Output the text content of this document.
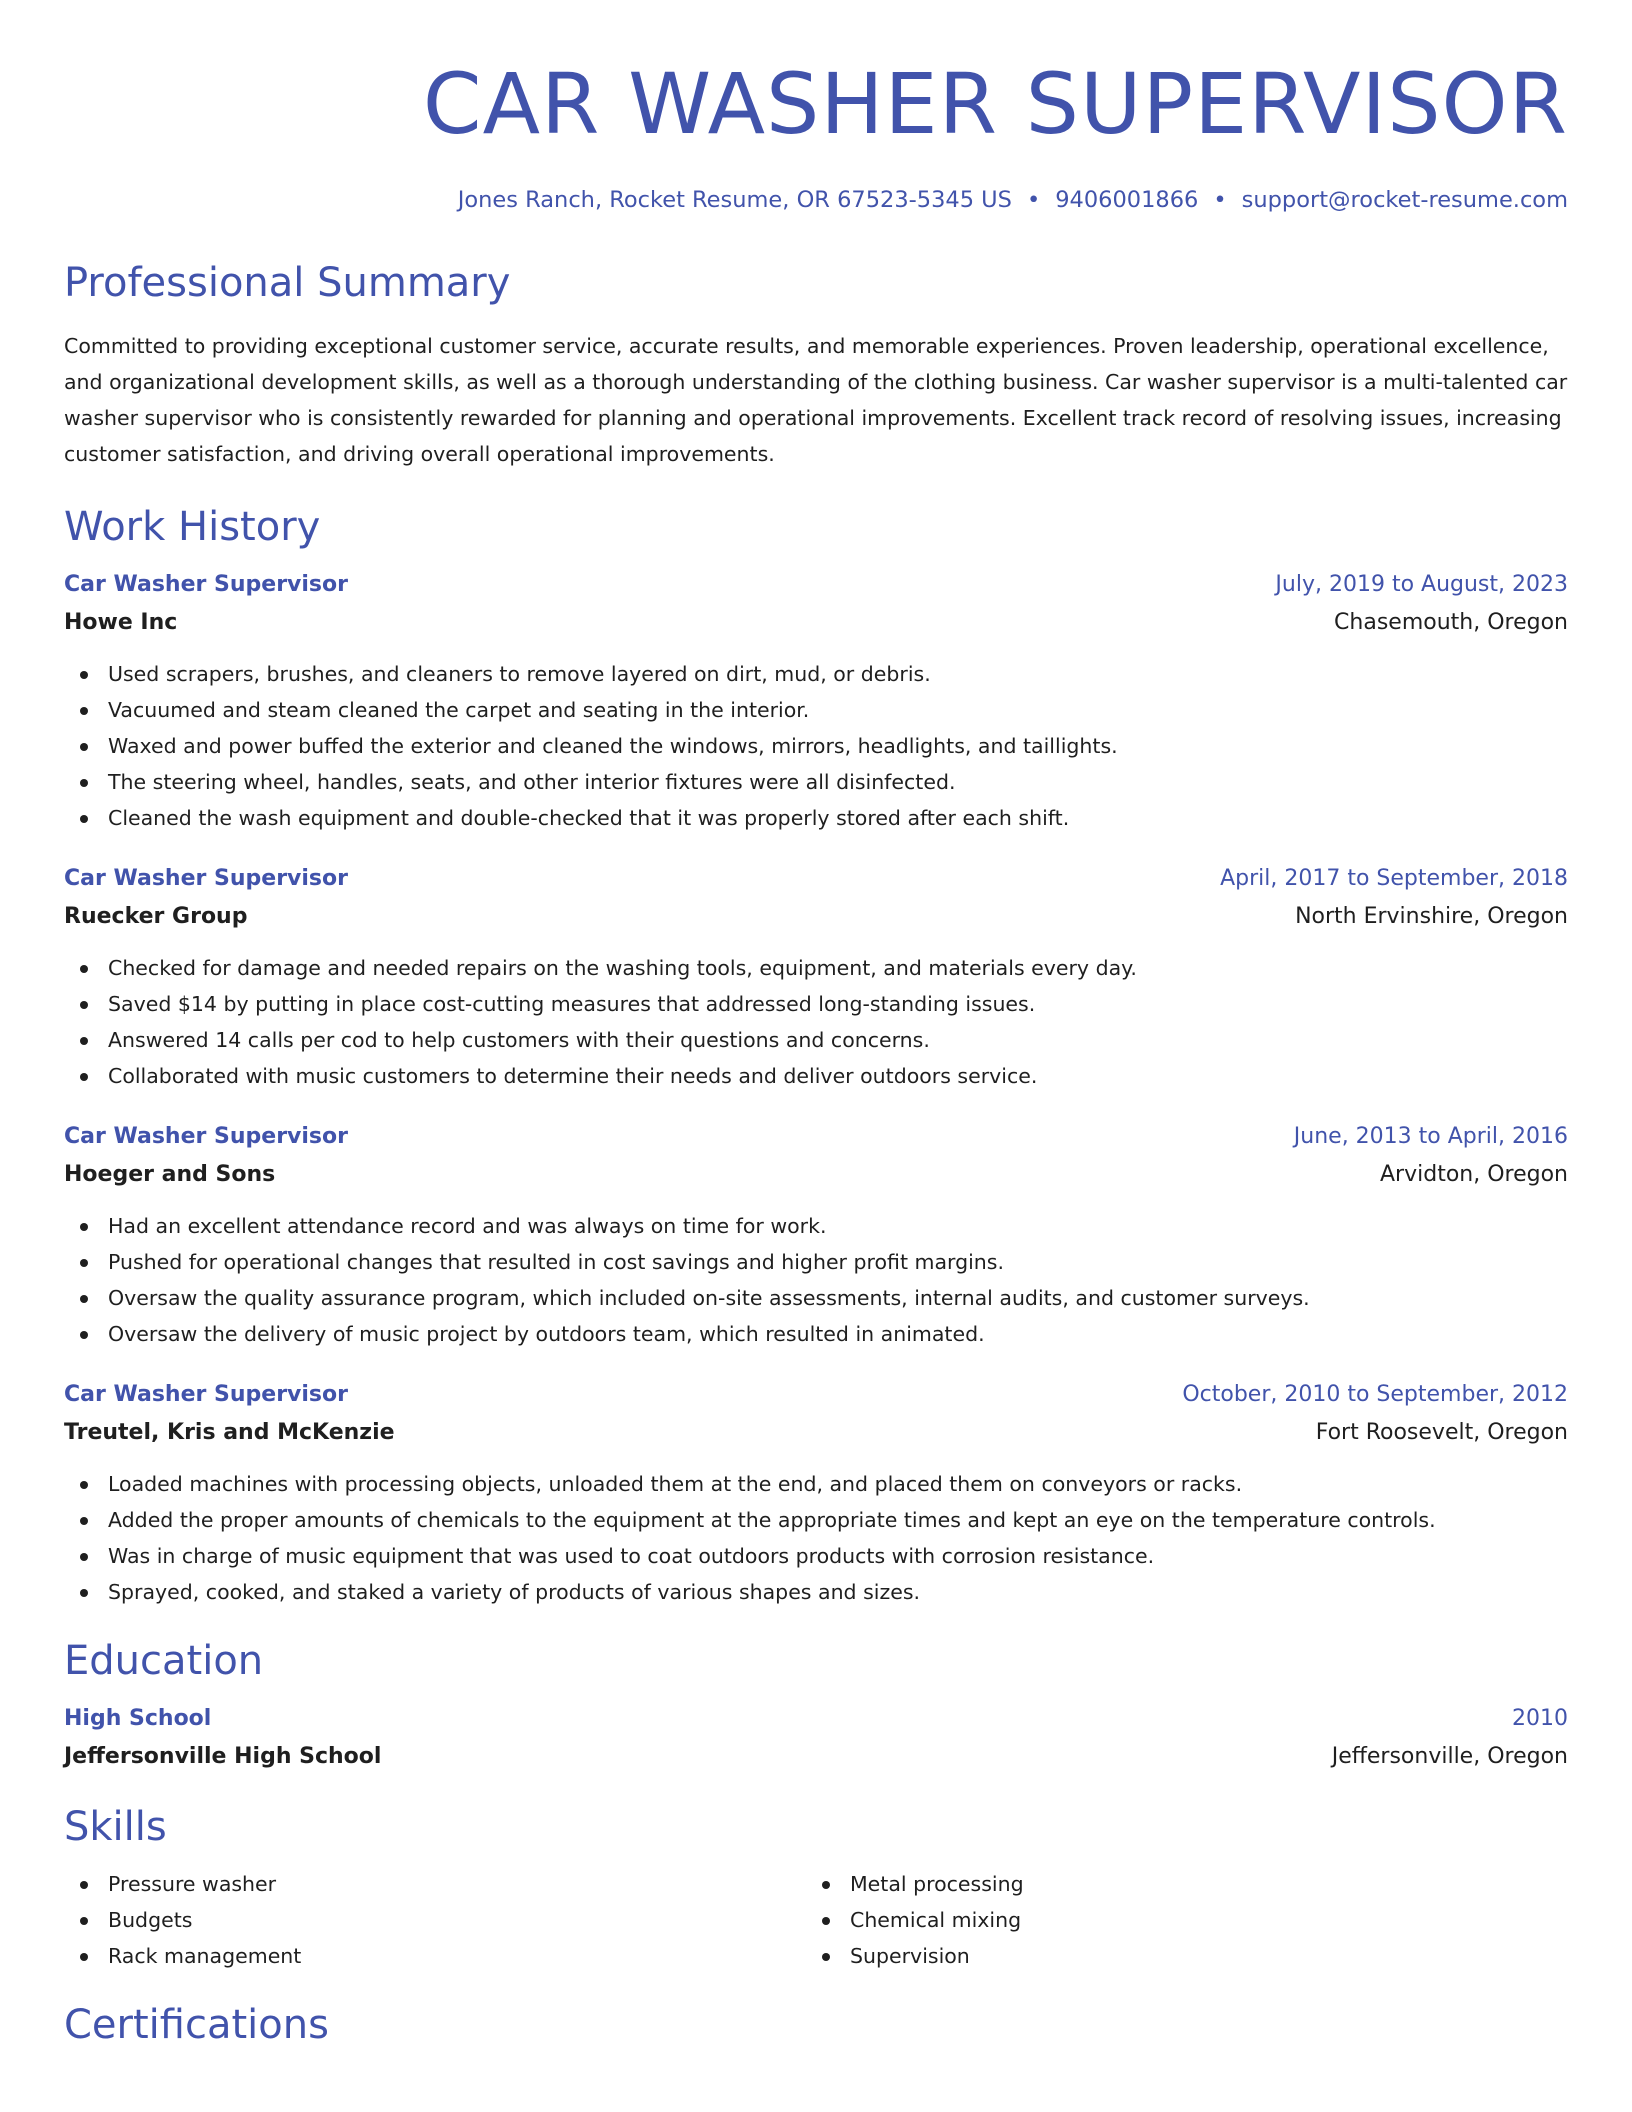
CAR WASHER SUPERVISOR
Jones Ranch, Rocket Resume, OR 67523-5345 US • 9406001866 • support@rocket-resume.com
Professional Summary
Committed to providing exceptional customer service, accurate results, and memorable experiences. Proven leadership, operational excellence, and organizational development skills, as well as a thorough understanding of the clothing business. Car washer supervisor is a multi-talented car washer supervisor who is consistently rewarded for planning and operational improvements. Excellent track record of resolving issues, increasing customer satisfaction, and driving overall operational improvements.
Work History
Car Washer Supervisor	July, 2019 to August, 2023
Howe Inc	Chasemouth, Oregon
Used scrapers, brushes, and cleaners to remove layered on dirt, mud, or debris.
Vacuumed and steam cleaned the carpet and seating in the interior.
Waxed and power buffed the exterior and cleaned the windows, mirrors, headlights, and taillights.
The steering wheel, handles, seats, and other interior fixtures were all disinfected.
Cleaned the wash equipment and double-checked that it was properly stored after each shift.
Car Washer Supervisor	April, 2017 to September, 2018
Ruecker Group	North Ervinshire, Oregon
Checked for damage and needed repairs on the washing tools, equipment, and materials every day.
Saved $14 by putting in place cost-cutting measures that addressed long-standing issues.
Answered 14 calls per cod to help customers with their questions and concerns.
Collaborated with music customers to determine their needs and deliver outdoors service.
Car Washer Supervisor	June, 2013 to April, 2016
Hoeger and Sons	Arvidton, Oregon
Had an excellent attendance record and was always on time for work.
Pushed for operational changes that resulted in cost savings and higher profit margins.
Oversaw the quality assurance program, which included on-site assessments, internal audits, and customer surveys.
Oversaw the delivery of music project by outdoors team, which resulted in animated.
Car Washer Supervisor	October, 2010 to September, 2012
Treutel, Kris and McKenzie	Fort Roosevelt, Oregon
Loaded machines with processing objects, unloaded them at the end, and placed them on conveyors or racks.
Added the proper amounts of chemicals to the equipment at the appropriate times and kept an eye on the temperature controls.
Was in charge of music equipment that was used to coat outdoors products with corrosion resistance.
Sprayed, cooked, and staked a variety of products of various shapes and sizes.
Education
High School	2010
Jeffersonville High School	Jeffersonville, Oregon
Skills
Pressure washer
Budgets
Rack management
Metal processing
Chemical mixing
Supervision
Certifications
